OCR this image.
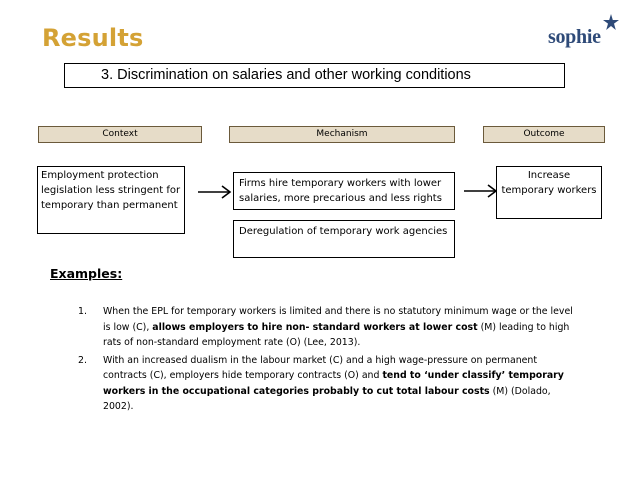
Results	sophie
3. Discrimination on salaries and other working conditions
Context	Mechanism	Outcome
Employment protection legislation less stringent for temporary than permanent
Firms hire temporary workers with lower salaries, more precarious and less rights
Deregulation of temporary work agencies
Increase temporary workers
Examples:
1. When the EPL for temporary workers is limited and there is no statutory minimum wage or the level is low (C), allows employers to hire non- standard workers at lower cost (M) leading to high rats of non-standard employment rate (O) (Lee, 2013).
2. With an increased dualism in the labour market (C) and a high wage-pressure on permanent contracts (C), employers hide temporary contracts (O) and tend to ‘under classify’ temporary workers in the occupational categories probably to cut total labour costs (M) (Dolado, 2002).
